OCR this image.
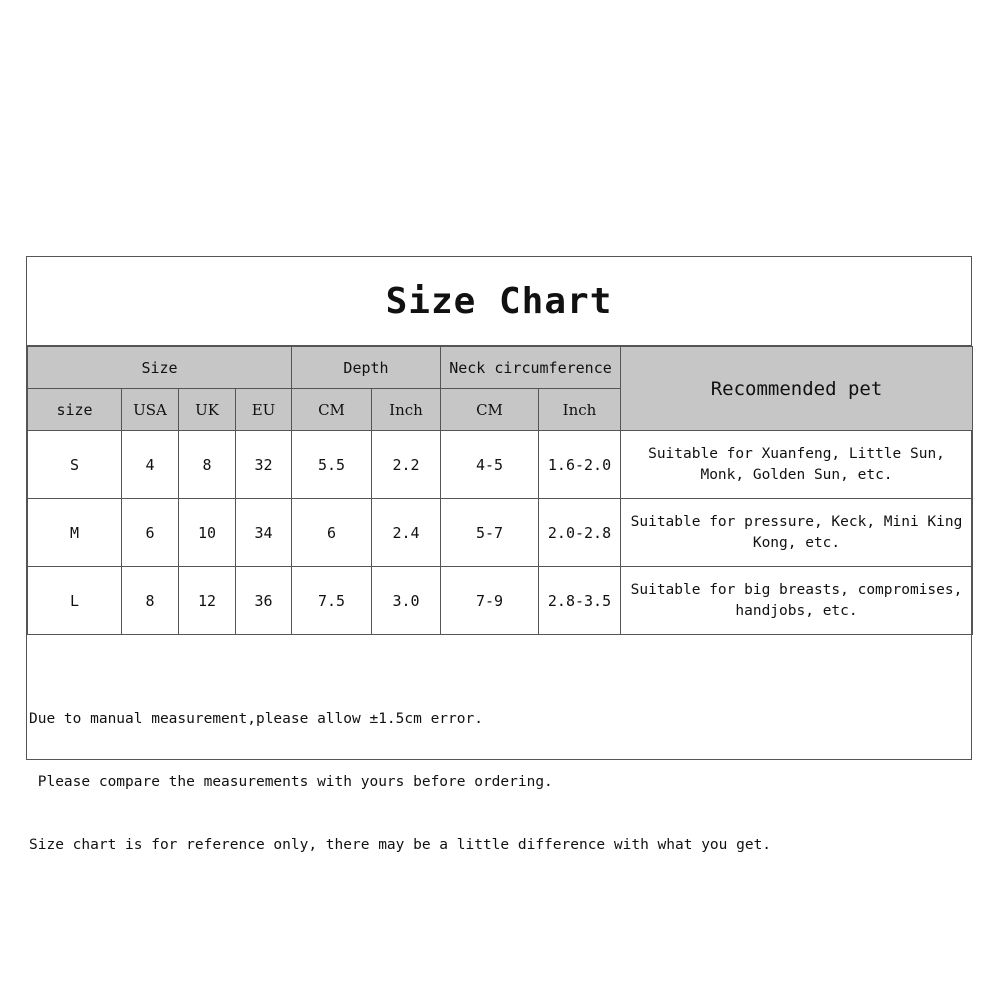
Size Chart
Size				Depth		Neck circumference		Recommended pet
size	USA	UK	EU	CM	Inch	CM	Inch	
S	4	8	32	5.5	2.2	4-5	1.6-2.0	Suitable for Xuanfeng, Little Sun,
Monk, Golden Sun, etc.

M	6	10	34	6	2.4	5-7	2.0-2.8	Suitable for pressure, Keck, Mini King
Kong, etc.

L	8	12	36	7.5	3.0	7-9	2.8-3.5	Suitable for big breasts, compromises,
handjobs, etc.

Due to manual measurement,please allow ±1.5cm error.

Please compare the measurements with yours before ordering.

Size chart is for reference only, there may be a little difference with what you get.
